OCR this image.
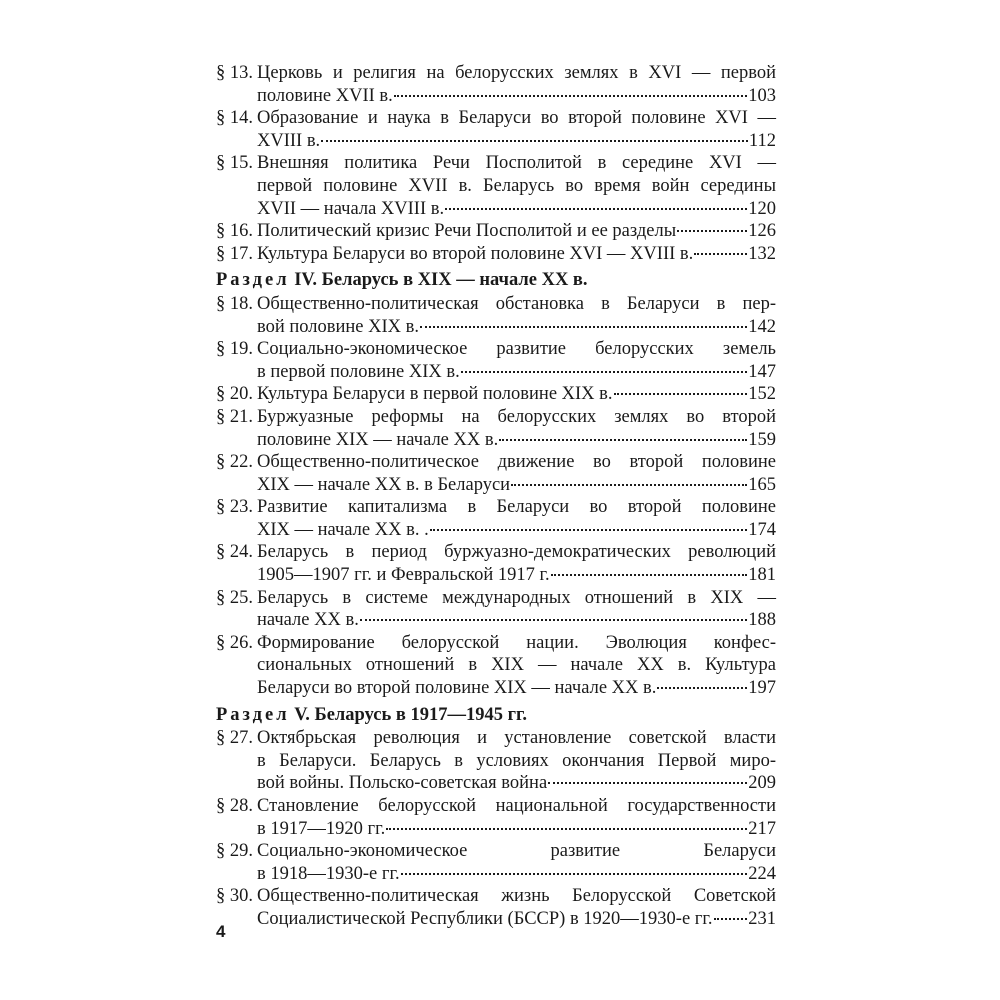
§ 13. Церковь и религия на белорусских землях в XVI — первой
половине XVII в.	103
§ 14. Образование и наука в Беларуси во второй половине XVI —
XVIII в.	112
§ 15. Внешняя политика Речи Посполитой в середине XVI —
первой половине XVII в. Беларусь во время войн середины
XVII — начала XVIII в.	120
§ 16. Политический кризис Речи Посполитой и ее разделы	126
§ 17. Культура Беларуси во второй половине XVI — XVIII в.	132
Раздел IV. Беларусь в XIX — начале XX в.
§ 18. Общественно-политическая обстановка в Беларуси в пер-
вой половине XIX в.	142
§ 19. Социально-экономическое развитие белорусских земель
в первой половине XIX в.	147
§ 20. Культура Беларуси в первой половине XIX в.	152
§ 21. Буржуазные реформы на белорусских землях во второй
половине XIX — начале XX в.	159
§ 22. Общественно-политическое движение во второй половине
XIX — начале XX в. в Беларуси	165
§ 23. Развитие капитализма в Беларуси во второй половине
XIX — начале XX в. .	174
§ 24. Беларусь в период буржуазно-демократических революций
1905—1907 гг. и Февральской 1917 г.	181
§ 25. Беларусь в системе международных отношений в XIX —
начале XX в.	188
§ 26. Формирование белорусской нации. Эволюция конфес-
сиональных отношений в XIX — начале XX в. Культура
Беларуси во второй половине XIX — начале XX в.	197
Раздел V. Беларусь в 1917—1945 гг.
§ 27. Октябрьская революция и установление советской власти
в Беларуси. Беларусь в условиях окончания Первой миро-
вой войны. Польско-советская война	209
§ 28. Становление белорусской национальной государственности
в 1917—1920 гг.	217
§ 29. Социально-экономическое развитие Беларуси
в 1918—1930-е гг.	224
§ 30. Общественно-политическая жизнь Белорусской Советской
Социалистической Республики (БССР) в 1920—1930-е гг. 231
4
